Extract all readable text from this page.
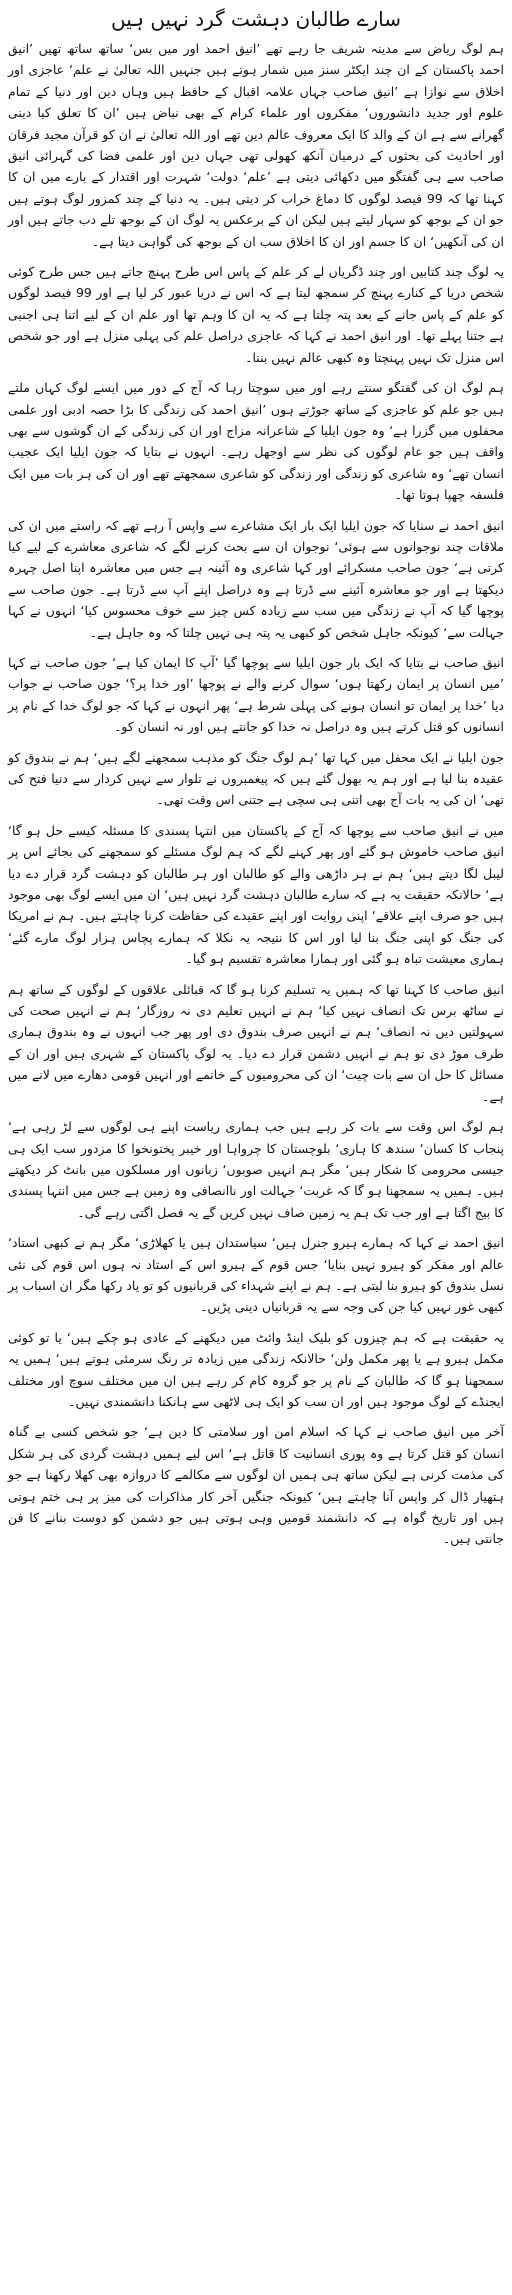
سارے طالبان دہشت گرد نہیں ہیں

ہم لوگ ریاض سے مدینہ شریف جا رہے تھے ’انیق احمد اور میں بس‘ ساتھ ساتھ تھیں ’انیق احمد پاکستان کے ان چند ایکٹر سنز میں شمار ہوتے ہیں جنہیں اللہ تعالیٰ نے علم‘ عاجزی اور اخلاق سے نوازا ہے ’انیق صاحب جہاں علامہ اقبال کے حافظ ہیں وہاں دین اور دنیا کے تمام علوم اور جدید دانشوروں‘ مفکروں اور علماء کرام کے بھی نباض ہیں ’ان کا تعلق کیا دینی گھرانے سے ہے ان کے والد کا ایک معروف عالم دین تھے اور اللہ تعالیٰ نے ان کو قرآن مجید فرقان اور احادیث کی بحثوں کے درمیان آنکھ کھولی تھی جہاں دین اور علمی فضا کی گہرائی انیق صاحب سے ہی گفتگو میں دکھائی دیتی ہے ’علم‘ دولت‘ شہرت اور اقتدار کے بارے میں ان کا کہنا تھا کہ 99 فیصد لوگوں کا دماغ خراب کر دیتی ہیں۔ یہ دنیا کے چند کمزور لوگ ہوتے ہیں جو ان کے بوجھ کو سہار لیتے ہیں لیکن ان کے برعکس یہ لوگ ان کے بوجھ تلے دب جاتے ہیں اور ان کی آنکھیں‘ ان کا جسم اور ان کا اخلاق سب ان کے بوجھ کی گواہی دیتا ہے۔

یہ لوگ چند کتابیں اور چند ڈگریاں لے کر علم کے پاس اس طرح پہنچ جاتے ہیں جس طرح کوئی شخص دریا کے کنارے پہنچ کر سمجھ لیتا ہے کہ اس نے دریا عبور کر لیا ہے اور 99 فیصد لوگوں کو علم کے پاس جانے کے بعد پتہ چلتا ہے کہ یہ ان کا وہم تھا اور علم ان کے لیے اتنا ہی اجنبی ہے جتنا پہلے تھا۔ اور انیق احمد نے کہا کہ عاجزی دراصل علم کی پہلی منزل ہے اور جو شخص اس منزل تک نہیں پہنچتا وہ کبھی عالم نہیں بنتا۔

ہم لوگ ان کی گفتگو سنتے رہے اور میں سوچتا رہا کہ آج کے دور میں ایسے لوگ کہاں ملتے ہیں جو علم کو عاجزی کے ساتھ جوڑتے ہوں ’انیق احمد کی زندگی کا بڑا حصہ ادبی اور علمی محفلوں میں گزرا ہے‘ وہ جون ایلیا کے شاعرانہ مزاج اور ان کی زندگی کے ان گوشوں سے بھی واقف ہیں جو عام لوگوں کی نظر سے اوجھل رہے۔ انہوں نے بتایا کہ جون ایلیا ایک عجیب انسان تھے‘ وہ شاعری کو زندگی اور زندگی کو شاعری سمجھتے تھے اور ان کی ہر بات میں ایک فلسفہ چھپا ہوتا تھا۔

انیق احمد نے سنایا کہ جون ایلیا ایک بار ایک مشاعرے سے واپس آ رہے تھے کہ راستے میں ان کی ملاقات چند نوجوانوں سے ہوئی‘ نوجوان ان سے بحث کرنے لگے کہ شاعری معاشرے کے لیے کیا کرتی ہے‘ جون صاحب مسکرائے اور کہا شاعری وہ آئینہ ہے جس میں معاشرہ اپنا اصل چہرہ دیکھتا ہے اور جو معاشرہ آئینے سے ڈرتا ہے وہ دراصل اپنے آپ سے ڈرتا ہے۔ جون صاحب سے پوچھا گیا کہ آپ نے زندگی میں سب سے زیادہ کس چیز سے خوف محسوس کیا‘ انہوں نے کہا جہالت سے‘ کیونکہ جاہل شخص کو کبھی یہ پتہ ہی نہیں چلتا کہ وہ جاہل ہے۔

انیق صاحب نے بتایا کہ ایک بار جون ایلیا سے پوچھا گیا ’آپ کا ایمان کیا ہے‘ جون صاحب نے کہا ’میں انسان پر ایمان رکھتا ہوں‘ سوال کرنے والے نے پوچھا ’اور خدا پر؟‘ جون صاحب نے جواب دیا ’خدا پر ایمان تو انسان ہونے کی پہلی شرط ہے‘ پھر انہوں نے کہا کہ جو لوگ خدا کے نام پر انسانوں کو قتل کرتے ہیں وہ دراصل نہ خدا کو جانتے ہیں اور نہ انسان کو۔

جون ایلیا نے ایک محفل میں کہا تھا ’ہم لوگ جنگ کو مذہب سمجھنے لگے ہیں‘ ہم نے بندوق کو عقیدہ بنا لیا ہے اور ہم یہ بھول گئے ہیں کہ پیغمبروں نے تلوار سے نہیں کردار سے دنیا فتح کی تھی‘ ان کی یہ بات آج بھی اتنی ہی سچی ہے جتنی اس وقت تھی۔

میں نے انیق صاحب سے پوچھا کہ آج کے پاکستان میں انتہا پسندی کا مسئلہ کیسے حل ہو گا‘ انیق صاحب خاموش ہو گئے اور پھر کہنے لگے کہ ہم لوگ مسئلے کو سمجھنے کی بجائے اس پر لیبل لگا دیتے ہیں‘ ہم نے ہر داڑھی والے کو طالبان اور ہر طالبان کو دہشت گرد قرار دے دیا ہے‘ حالانکہ حقیقت یہ ہے کہ سارے طالبان دہشت گرد نہیں ہیں‘ ان میں ایسے لوگ بھی موجود ہیں جو صرف اپنے علاقے‘ اپنی روایت اور اپنے عقیدے کی حفاظت کرنا چاہتے ہیں۔ ہم نے امریکا کی جنگ کو اپنی جنگ بنا لیا اور اس کا نتیجہ یہ نکلا کہ ہمارے پچاس ہزار لوگ مارے گئے‘ ہماری معیشت تباہ ہو گئی اور ہمارا معاشرہ تقسیم ہو گیا۔

انیق صاحب کا کہنا تھا کہ ہمیں یہ تسلیم کرنا ہو گا کہ قبائلی علاقوں کے لوگوں کے ساتھ ہم نے ساٹھ برس تک انصاف نہیں کیا‘ ہم نے انہیں تعلیم دی نہ روزگار‘ ہم نے انہیں صحت کی سہولتیں دیں نہ انصاف‘ ہم نے انہیں صرف بندوق دی اور پھر جب انہوں نے وہ بندوق ہماری طرف موڑ دی تو ہم نے انہیں دشمن قرار دے دیا۔ یہ لوگ پاکستان کے شہری ہیں اور ان کے مسائل کا حل ان سے بات چیت‘ ان کی محرومیوں کے خاتمے اور انہیں قومی دھارے میں لانے میں ہے۔

ہم لوگ اس وقت سے بات کر رہے ہیں جب ہماری ریاست اپنے ہی لوگوں سے لڑ رہی ہے‘ پنجاب کا کسان‘ سندھ کا ہاری‘ بلوچستان کا چرواہا اور خیبر پختونخوا کا مزدور سب ایک ہی جیسی محرومی کا شکار ہیں‘ مگر ہم انہیں صوبوں‘ زبانوں اور مسلکوں میں بانٹ کر دیکھتے ہیں۔ ہمیں یہ سمجھنا ہو گا کہ غربت‘ جہالت اور ناانصافی وہ زمین ہے جس میں انتہا پسندی کا بیج اگتا ہے اور جب تک ہم یہ زمین صاف نہیں کریں گے یہ فصل اگتی رہے گی۔

انیق احمد نے کہا کہ ہمارے ہیرو جنرل ہیں‘ سیاستدان ہیں یا کھلاڑی‘ مگر ہم نے کبھی استاد‘ عالم اور مفکر کو ہیرو نہیں بنایا‘ جس قوم کے ہیرو اس کے استاد نہ ہوں اس قوم کی نئی نسل بندوق کو ہیرو بنا لیتی ہے۔ ہم نے اپنے شہداء کی قربانیوں کو تو یاد رکھا مگر ان اسباب پر کبھی غور نہیں کیا جن کی وجہ سے یہ قربانیاں دینی پڑیں۔

یہ حقیقت ہے کہ ہم چیزوں کو بلیک اینڈ وائٹ میں دیکھنے کے عادی ہو چکے ہیں‘ یا تو کوئی مکمل ہیرو ہے یا پھر مکمل ولن‘ حالانکہ زندگی میں زیادہ تر رنگ سرمئی ہوتے ہیں‘ ہمیں یہ سمجھنا ہو گا کہ طالبان کے نام پر جو گروہ کام کر رہے ہیں ان میں مختلف سوچ اور مختلف ایجنڈے کے لوگ موجود ہیں اور ان سب کو ایک ہی لاٹھی سے ہانکنا دانشمندی نہیں۔

آخر میں انیق صاحب نے کہا کہ اسلام امن اور سلامتی کا دین ہے‘ جو شخص کسی بے گناہ انسان کو قتل کرتا ہے وہ پوری انسانیت کا قاتل ہے‘ اس لیے ہمیں دہشت گردی کی ہر شکل کی مذمت کرنی ہے لیکن ساتھ ہی ہمیں ان لوگوں سے مکالمے کا دروازہ بھی کھلا رکھنا ہے جو ہتھیار ڈال کر واپس آنا چاہتے ہیں‘ کیونکہ جنگیں آخر کار مذاکرات کی میز پر ہی ختم ہوتی ہیں اور تاریخ گواہ ہے کہ دانشمند قومیں وہی ہوتی ہیں جو دشمن کو دوست بنانے کا فن جانتی ہیں۔
